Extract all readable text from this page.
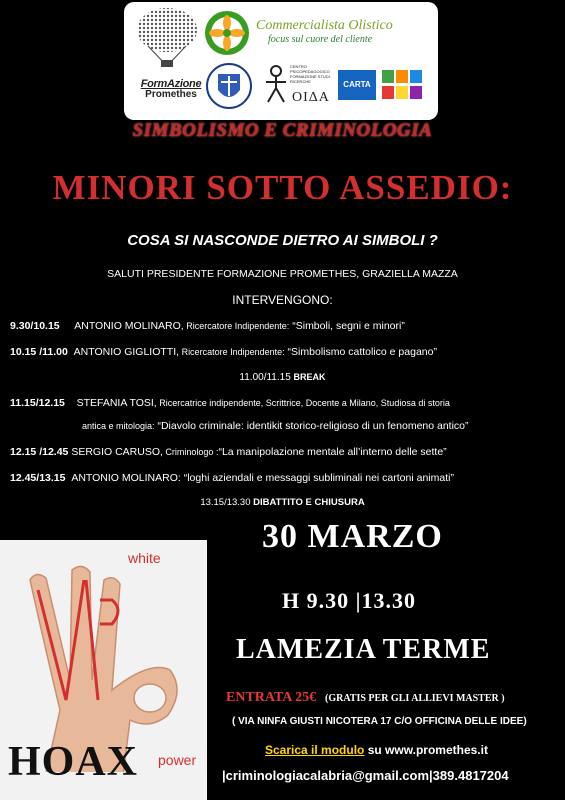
FormAzione
Promethes
Commercialista Olistico
focus sul cuore del cliente
CENTRO PSICOPEDAGOGICO FORMAZIONE STUDI RICERCHE
OIΔA
CARTA
SIMBOLISMO E CRIMINOLOGIA
MINORI SOTTO ASSEDIO:
COSA SI NASCONDE DIETRO AI SIMBOLI ?
SALUTI PRESIDENTE FORMAZIONE PROMETHES, GRAZIELLA MAZZA
INTERVENGONO:
9.30/10.15 ANTONIO MOLINARO, Ricercatore Indipendente: “Simboli, segni e minori”
10.15 /11.00 ANTONIO GIGLIOTTI, Ricercatore Indipendente: “Simbolismo cattolico e pagano”
11.00/11.15 BREAK
11.15/12.15 STEFANIA TOSI, Ricercatrice indipendente, Scrittrice, Docente a Milano, Studiosa di storia
antica e mitologia: “Diavolo criminale: identikit storico-religioso di un fenomeno antico”
12.15 /12.45 SERGIO CARUSO, Criminologo :“La manipolazione mentale all’interno delle sette”
12.45/13.15 ANTONIO MOLINARO: “loghi aziendali e messaggi subliminali nei cartoni animati”
13.15/13.30 DIBATTITO E CHIUSURA
white
power
HOAX
30 MARZO
H 9.30 |13.30
LAMEZIA TERME
ENTRATA 25€ (GRATIS PER GLI ALLIEVI MASTER )
( VIA NINFA GIUSTI NICOTERA 17 C/O OFFICINA DELLE IDEE)
Scarica il modulo su www.promethes.it
|criminologiacalabria@gmail.com|389.4817204
